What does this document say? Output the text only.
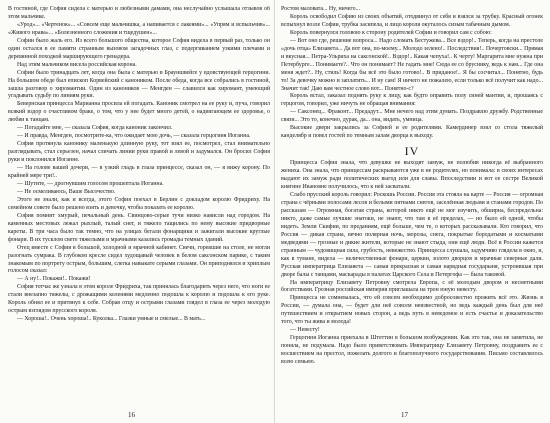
В гостиной, где София сидела с матерью и любезными дамами, она неслучайно услышала отзывов об этом мальчике.

«Урод»... «Чертенок»... «Совсем еще мальчишка, а напивается с лакеями»... «Упрям и вспыльчив»... «Живого нрава»... «Болезненного сложения и тщедушен»...

Софии было жаль его. Из всего большого общества, которое София видела в первый раз, только он один остался в ее памяти странным вызовом загадочных глаз, с подергиванием узкими плечами и деревянной походкой марширующего гренадера.

Над этим мальчиком висела российская корона.

Софии было тринадцать лет, когда она была с матерью в Брауншвейге у вдовствующей герцогини. На большом обеде был епископ Корвейский с каноником. После обеда, когда все собрались в гостиной, зашла разговор о хиромантии. Один из каноников — Менгден — славился как хиромант, умеющий угадывать судьбу по линиям руки.

Бевернская принцесса Марианна просила ей погадать. Каноник смотрел на ее руку и, пуча, говорил всякий вздор о счастливом браке, о том, что у нее будет много детей, о надвигающем ее здоровье, о любви к танцам.

— Погадайте мне, — сказала София, когда каноник закончил.

— И правда, Менгден, посмотрите-ка, что ожидает мою дочь, — сказала герцогиня Иоганна.

София протянула канонику маленькую длинную руку, тот взял ее, посмотрел, стал внимательно разглядывать, стал серьезен, начал сличать линии руки правой и левой и задумался. Он бросил София руки и поклонился Иоганне.

— На голове вашей дочери, — в узкий гладь в глаза принцессе, сказал он, — я вижу корону. По крайней мере три!..

— Шутите, — дрогнувшим голосом прошептала Иоганна.

— Не осмеливаюсь, Ваше Высочество.

Этого не знали, как и всегда, этого София поехал в Берлин с докладом королю Фридриху. На семейном совете было решено взять и девочку, чтобы показать ее королю.

София помнит хмурый, печальный день. Свинцово-серые тучи низко нависли над городом. На каменных местовых лежал рыхлый, талый снег, и тяжело тащились по нему высокие придворные кареты. В три часа было так темно, что на улицах бегали фонарщики и зажигали высокие круглые фонари. В их тусклом свете тяжелыми и мрачными казались громады темных зданий.

Отец вместе с София в большой, холодной и мрачной кабинет. Свечи, горевшие на столе, не могли разогнать сумрака. В глубоком кресле сидел худощавый человек в белом саксонском парике, с таким знакомым по портрету острым, большим, слегка навыкате серыми глазами. Он приподнялся и хриплым голосом сказал:

— А ну!.. Покажи!.. Покажи!

София тотчас же узнала в этом короле Фридриха, так принялась благодарить через него, что ноги ее стали внезапно тяжелы, с дрожащими коленями медленно подошла к королю и подошла к его руке. Король обнял ее и притянул к себе. Собрав отцу и острыми глазами глядел в глаза ее через молодую острым взглядом прусского короля.

— Хороша!.. Очень хороша!.. Куколка... Глазки умные и смелые... В мать...

Ростом маловата... Ну, ничего...

Король освободил Софию из своих объятий, отодвинул от себя и взялся за трубку. Красный огонек вспыхнул возле Софии, трубка засипела, и лицо короля окуталось сизым табачным дымом.

Король повернулся головою к сторону родителей Софии и говорил сам с собою:

— Вот оно где, решение вопроса... Надо сломать Бестужева... Все вздор!.. Теперь, когда на престоле «дочь отца» Елизавета... Да вот она, по-моему... Молодо зелено!.. Последствия!.. Почертовски... Прямая и вкусная... Петра-Ульриха на саксонской!.. Вздор!.. Какая чепуха!.. К черту! Маргарита мне нужна при Петербурге... Понимаете?.. Что он понимает? Не гадать мне! Сюда ее со бруснику, ведь к нам... Где она меня ждет?.. Ну, стиль! Когда бы всё это было готово!.. В приданое!.. Я бы сосчитал... Понятно, будь то! За девочку можно и заплатить... И ну сам! Я ничего не пожалею, если только всё получит как надо... Значит так! Даю вам честное слово вот... Понятно-с?

Король встал, заказал поднять руку к лицу, как будто оправить полу синей мантии, и, прошаясь с герцогом, говорил, уже ничуть не обращая внимания:

— Саксонец... Фраконт... Предадут... Мне нечего над этим думать. Поздравлю дружбу. Родственные связи... Это то, конечно, дурак, да... она, видать, умница.

Высокие двери закрылись за Софией и ее родителями. Камердинер взял со стола тяжелый канделябр и повел гостей по темным залам дворца к выходу.

IV

Принцесса София знала, что девушке не выходят замуж, не полюбив никогда её выбранного жениха. Она знала, что принцессам раскрываются уже в не родителях, но понимала: в своих интересах выдают их замуж ради политических выгод или для славы. Впоследствии и вот ее сестре Великой княгине Ивановне получилось, что к ней засватали.

Слабо прусский король говорил: Роскошь России. Россия эта стояла на карте — Россия — огромная страна с чёрными полосами лесов и белыми пятнами снегов, заселённая людьми и станами городов. По рассказам — Огромная, богатая страна, которой никто ещё не мог изучить, обширна, беспредельна: никто, даже самые лучшие знатоки, не знают, что там в её пределах, — но было ей одной, чтобы видеть. Земли Скифии, по преданиям, ещё больше, чем те, о которых рассказывали. Кто говорил, что Россия — дикая страна, вечно полярная ночь, морозы, снега, покрытые бородатыми и косматыми медведями — грозные и дикие жители, которые не знают стыда, они ещё люди. Всё в России кажется странным — чудовищная сила, грубость, невежество. Принцесса слушала, задумчиво глядела в окно, и, как в тумане, видела — величественные фонари, церкви, золото дворцов и мрачные северные дали. Русская императрица Елизавета — самая прекрасная и самая нарядная государыня, устроившая при дворе балы с танцами, маскарады в палатах Царского Села и Петергофа — была таковой.

На императрицу Елизавету Петровну смотрела Европа, с её молодым двором и несметными богатствами. Грозная российская империя приглашала на трон юную невесту.

Принцесса не сомневалась, что ей совсем необходимо добросовестно прожить всё это. Жизнь в России, — думала она, — будет для неё совсем неизвестной, но ведь каждый день был для неё путешествием и открытием новых сторон, а ведь путь в неведомое и есть счастье и доказательство того, что ты жива и молода!

— Невесту!

Герцогиня Иоганна приехала в Штеттин в большом возбуждении. Как это так, она не заметила, не поняла, не подумала. Надо было приветствовать Императрицу Елизавету Петровну, поздравить ее с восшествием на престол, пожелать долгого и благополучного государствования. Письмо составлялось всею семьею.

16	17
